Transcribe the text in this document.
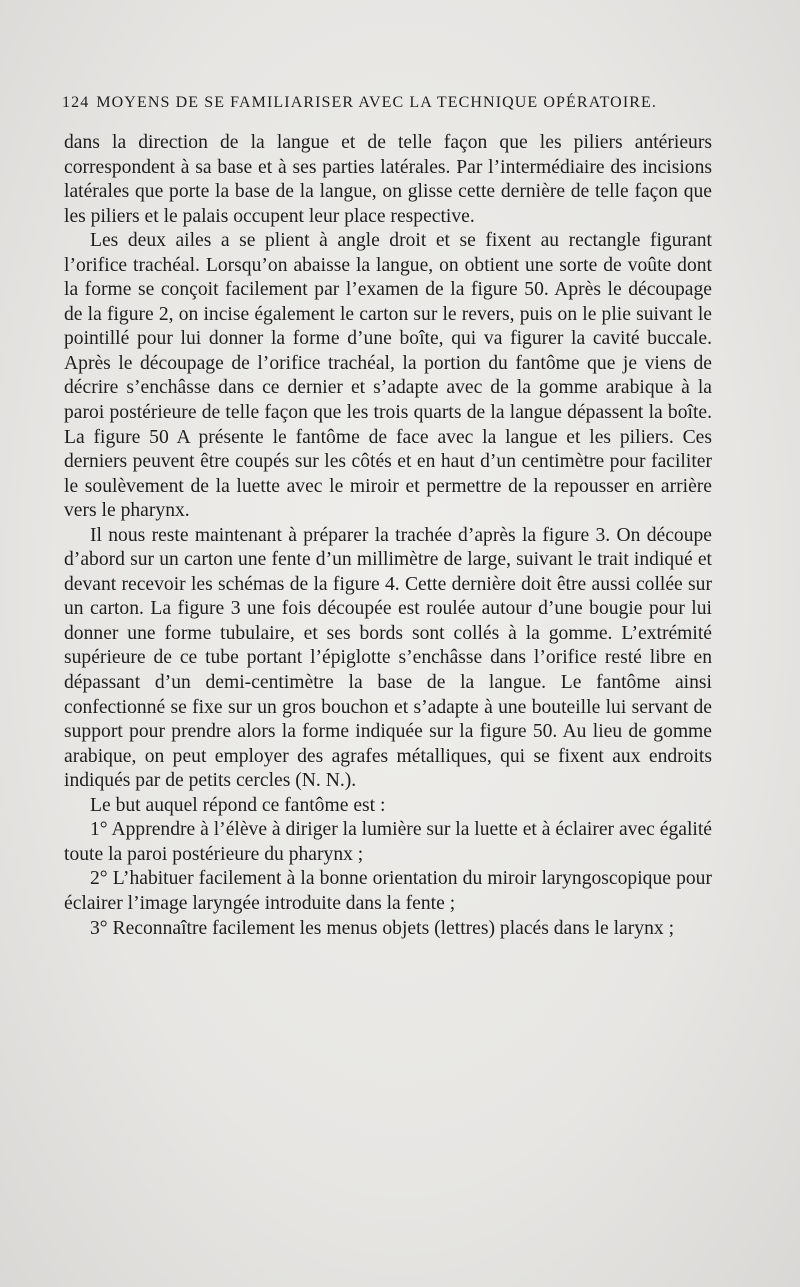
124 MOYENS DE SE FAMILIARISER AVEC LA TECHNIQUE OPÉRATOIRE.

dans la direction de la langue et de telle façon que les piliers antérieurs correspondent à sa base et à ses parties latérales. Par l’intermédiaire des incisions latérales que porte la base de la langue, on glisse cette dernière de telle façon que les piliers et le palais occupent leur place respective.

Les deux ailes a se plient à angle droit et se fixent au rectangle figurant l’orifice trachéal. Lorsqu’on abaisse la langue, on obtient une sorte de voûte dont la forme se conçoit facilement par l’examen de la figure 50. Après le découpage de la figure 2, on incise également le carton sur le revers, puis on le plie suivant le pointillé pour lui donner la forme d’une boîte, qui va figurer la cavité buccale. Après le découpage de l’orifice trachéal, la portion du fantôme que je viens de décrire s’enchâsse dans ce dernier et s’adapte avec de la gomme arabique à la paroi postérieure de telle façon que les trois quarts de la langue dépassent la boîte. La figure 50 A présente le fantôme de face avec la langue et les piliers. Ces derniers peuvent être coupés sur les côtés et en haut d’un centimètre pour faciliter le soulèvement de la luette avec le miroir et permettre de la repousser en arrière vers le pharynx.

Il nous reste maintenant à préparer la trachée d’après la figure 3. On découpe d’abord sur un carton une fente d’un millimètre de large, suivant le trait indiqué et devant recevoir les schémas de la figure 4. Cette dernière doit être aussi collée sur un carton. La figure 3 une fois découpée est roulée autour d’une bougie pour lui donner une forme tubulaire, et ses bords sont collés à la gomme. L’extrémité supérieure de ce tube portant l’épiglotte s’enchâsse dans l’orifice resté libre en dépassant d’un demi-centimètre la base de la langue. Le fantôme ainsi confectionné se fixe sur un gros bouchon et s’adapte à une bouteille lui servant de support pour prendre alors la forme indiquée sur la figure 50. Au lieu de gomme arabique, on peut employer des agrafes métalliques, qui se fixent aux endroits indiqués par de petits cercles (N. N.).

Le but auquel répond ce fantôme est :

1° Apprendre à l’élève à diriger la lumière sur la luette et à éclairer avec égalité toute la paroi postérieure du pharynx ;

2° L’habituer facilement à la bonne orientation du miroir laryngoscopique pour éclairer l’image laryngée introduite dans la fente ;

3° Reconnaître facilement les menus objets (lettres) placés dans le larynx ;
